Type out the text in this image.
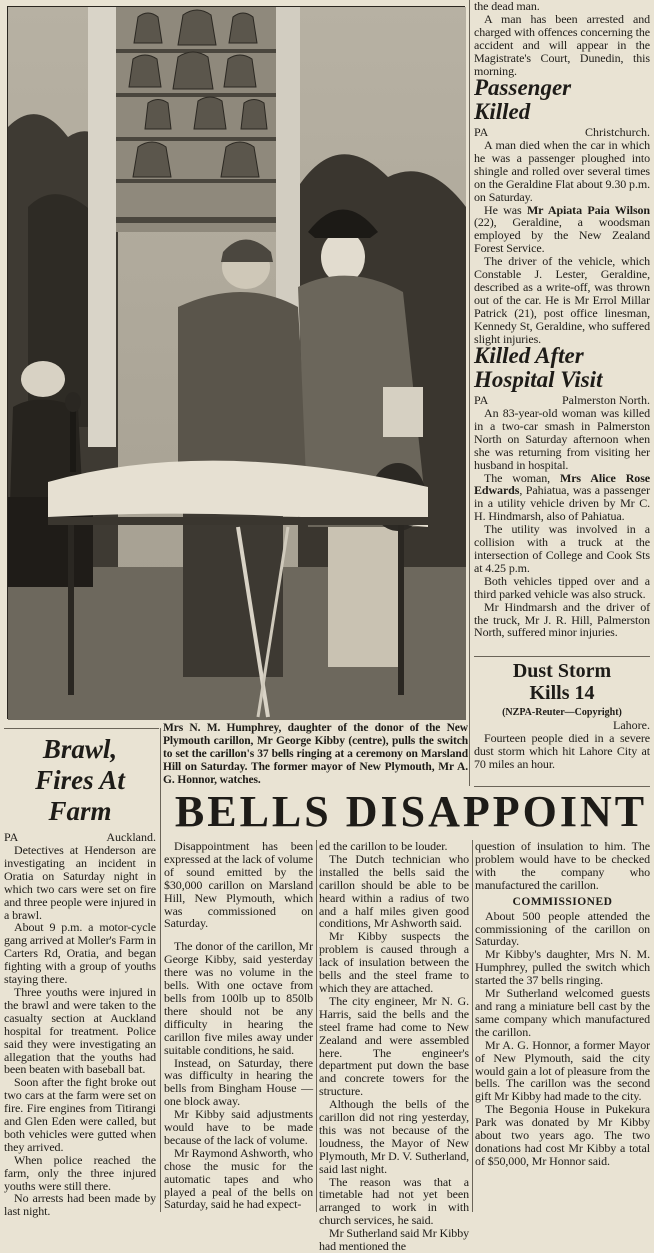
the dead man.

A man has been arrested and charged with offences concerning the accident and will appear in the Magistrate's Court, Dunedin, this morning.

Passenger Killed
PA	Christchurch.

A man died when the car in which he was a passenger ploughed into shingle and rolled over several times on the Geraldine Flat about 9.30 p.m. on Saturday.

He was Mr Apiata Paia Wilson (22), Geraldine, a woodsman employed by the New Zealand Forest Service.

The driver of the vehicle, which Constable J. Lester, Geraldine, described as a write-off, was thrown out of the car. He is Mr Errol Millar Patrick (21), post office linesman, Kennedy St, Geraldine, who suffered slight injuries.

Killed After Hospital Visit
PA	Palmerston North.

An 83-year-old woman was killed in a two-car smash in Palmerston North on Saturday afternoon when she was returning from visiting her husband in hospital.

The woman, Mrs Alice Rose Edwards, Pahiatua, was a passenger in a utility vehicle driven by Mr C. H. Hindmarsh, also of Pahiatua.

The utility was involved in a collision with a truck at the intersection of College and Cook Sts at 4.25 p.m.

Both vehicles tipped over and a third parked vehicle was also struck.

Mr Hindmarsh and the driver of the truck, Mr J. R. Hill, Palmerston North, suffered minor injuries.

Dust Storm
Kills 14
(NZPA-Reuter—Copyright)
Lahore.

Fourteen people died in a severe dust storm which hit Lahore City at 70 miles an hour.

Mrs N. M. Humphrey, daughter of the donor of the New Plymouth carillon, Mr George Kibby (centre), pulls the switch to set the carillon's 37 bells ringing at a ceremony on Marsland Hill on Saturday. The former mayor of New Plymouth, Mr A. G. Honnor, watches.
Brawl,
Fires At
Farm
PA	Auckland.

Detectives at Henderson are investigating an incident in Oratia on Saturday night in which two cars were set on fire and three people were injured in a brawl.

About 9 p.m. a motor-cycle gang arrived at Moller's Farm in Carters Rd, Oratia, and began fighting with a group of youths staying there.

Three youths were injured in the brawl and were taken to the casualty section at Auckland hospital for treatment. Police said they were investigating an allegation that the youths had been beaten with baseball bat.

Soon after the fight broke out two cars at the farm were set on fire. Fire engines from Titirangi and Glen Eden were called, but both vehicles were gutted when they arrived.

When police reached the farm, only the three injured youths were still there.

No arrests had been made by last night.

BELLS DISAPPOINT

Disappointment has been expressed at the lack of volume of sound emitted by the $30,000 carillon on Marsland Hill, New Plymouth, which was commissioned on Saturday.

The donor of the carillon, Mr George Kibby, said yesterday there was no volume in the bells. With one octave from bells from 100lb up to 850lb there should not be any difficulty in hearing the carillon five miles away under suitable conditions, he said.

Instead, on Saturday, there was difficulty in hearing the bells from Bingham House — one block away.

Mr Kibby said adjustments would have to be made because of the lack of volume.

Mr Raymond Ashworth, who chose the music for the automatic tapes and who played a peal of the bells on Saturday, said he had expect-

ed the carillon to be louder.

The Dutch technician who installed the bells said the carillon should be able to be heard within a radius of two and a half miles given good conditions, Mr Ashworth said.

Mr Kibby suspects the problem is caused through a lack of insulation between the bells and the steel frame to which they are attached.

The city engineer, Mr N. G. Harris, said the bells and the steel frame had come to New Zealand and were assembled here. The engineer's department put down the base and concrete towers for the structure.

Although the bells of the carillon did not ring yesterday, this was not because of the loudness, the Mayor of New Plymouth, Mr D. V. Sutherland, said last night.

The reason was that a timetable had not yet been arranged to work in with church services, he said.

Mr Sutherland said Mr Kibby had mentioned the

question of insulation to him. The problem would have to be checked with the company who manufactured the carillon.

COMMISSIONED

About 500 people attended the commissioning of the carillon on Saturday.

Mr Kibby's daughter, Mrs N. M. Humphrey, pulled the switch which started the 37 bells ringing.

Mr Sutherland welcomed guests and rang a miniature bell cast by the same company which manufactured the carillon.

Mr A. G. Honnor, a former Mayor of New Plymouth, said the city would gain a lot of pleasure from the bells. The carillon was the second gift Mr Kibby had made to the city.

The Begonia House in Pukekura Park was donated by Mr Kibby about two years ago. The two donations had cost Mr Kibby a total of $50,000, Mr Honnor said.
